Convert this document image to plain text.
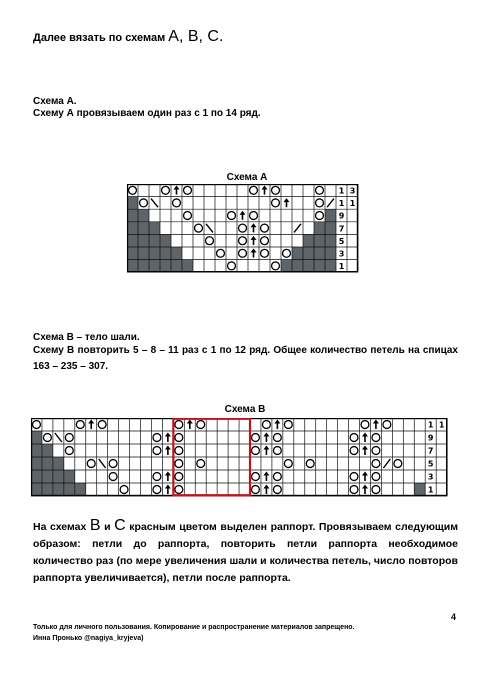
Далее вязать по схемам A, B, C.
Схема А.
Схему А провязываем один раз с 1 по 14 ряд.
Схема А
1 3
1 1
9
7
5
3
1
Схема В – тело шали.
Схему В повторить 5 – 8 – 11 раз с 1 по 12 ряд. Общее количество петель на спицах 163 – 235 – 307.
Схема В
1 1
9
7
5
3
1
На схемах В и С красным цветом выделен раппорт. Провязываем следующим образом: петли до раппорта, повторить петли раппорта необходимое количество раз (по мере увеличения шали и количества петель, число повторов раппорта увеличивается), петли после раппорта.
4
Только для личного пользования. Копирование и распространение материалов запрещено.
Инна Пронько @nagiya_kryjeva)
